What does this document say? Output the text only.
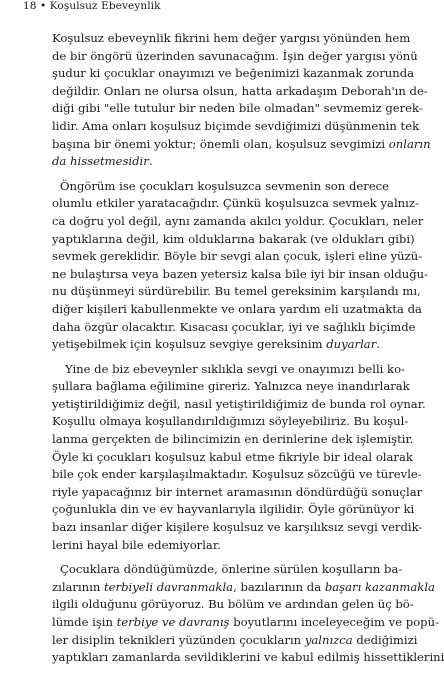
18 • Koşulsuz Ebeveynlik
Koşulsuz ebeveynlik fikrini hem değer yargısı yönünden hem
de bir öngörü üzerinden savunacağım. İşin değer yargısı yönü
şudur ki çocuklar onayımızı ve beğenimizi kazanmak zorunda
değildir. Onları ne olursa olsun, hatta arkadaşım Deborah'ın de-
diği gibi "elle tutulur bir neden bile olmadan" sevmemiz gerek-
lidir. Ama onları koşulsuz biçimde sevdiğimizi düşünmenin tek
başına bir önemi yoktur; önemli olan, koşulsuz sevgimizi onların
da hissetmesidir.
Öngörüm ise çocukları koşulsuzca sevmenin son derece
olumlu etkiler yaratacağıdır. Çünkü koşulsuzca sevmek yalnız-
ca doğru yol değil, aynı zamanda akılcı yoldur. Çocukları, neler
yaptıklarına değil, kim olduklarına bakarak (ve oldukları gibi)
sevmek gereklidir. Böyle bir sevgi alan çocuk, işleri eline yüzü-
ne bulaştırsa veya bazen yetersiz kalsa bile iyi bir insan olduğu-
nu düşünmeyi sürdürebilir. Bu temel gereksinim karşılandı mı,
diğer kişileri kabullenmekte ve onlara yardım eli uzatmakta da
daha özgür olacaktır. Kısacası çocuklar, iyi ve sağlıklı biçimde
yetişebilmek için koşulsuz sevgiye gereksinim duyarlar.
Yine de biz ebeveynler sıklıkla sevgi ve onayımızı belli ko-
şullara bağlama eğilimine gireriz. Yalnızca neye inandırlarak
yetiştirildiğimiz değil, nasıl yetiştirildiğimiz de bunda rol oynar.
Koşullu olmaya koşullandırıldığımızı söyleyebiliriz. Bu koşul-
lanma gerçekten de bilincimizin en derinlerine dek işlemiştir.
Öyle ki çocukları koşulsuz kabul etme fikriyle bir ideal olarak
bile çok ender karşılaşılmaktadır. Koşulsuz sözcüğü ve türevle-
riyle yapacağınız bir internet aramasının döndürdüğü sonuçlar
çoğunlukla din ve ev hayvanlarıyla ilgilidir. Öyle görünüyor ki
bazı insanlar diğer kişilere koşulsuz ve karşılıksız sevgi verdik-
lerini hayal bile edemiyorlar.
Çocuklara döndüğümüzde, önlerine sürülen koşulların ba-
zılarının terbiyeli davranmakla, bazılarının da başarı kazanmakla
ilgili olduğunu görüyoruz. Bu bölüm ve ardından gelen üç bö-
lümde işin terbiye ve davranış boyutlarını inceleyeceğim ve popü-
ler disiplin teknikleri yüzünden çocukların yalnızca dediğimizi
yaptıkları zamanlarda sevildiklerini ve kabul edilmiş hissettiklerini
